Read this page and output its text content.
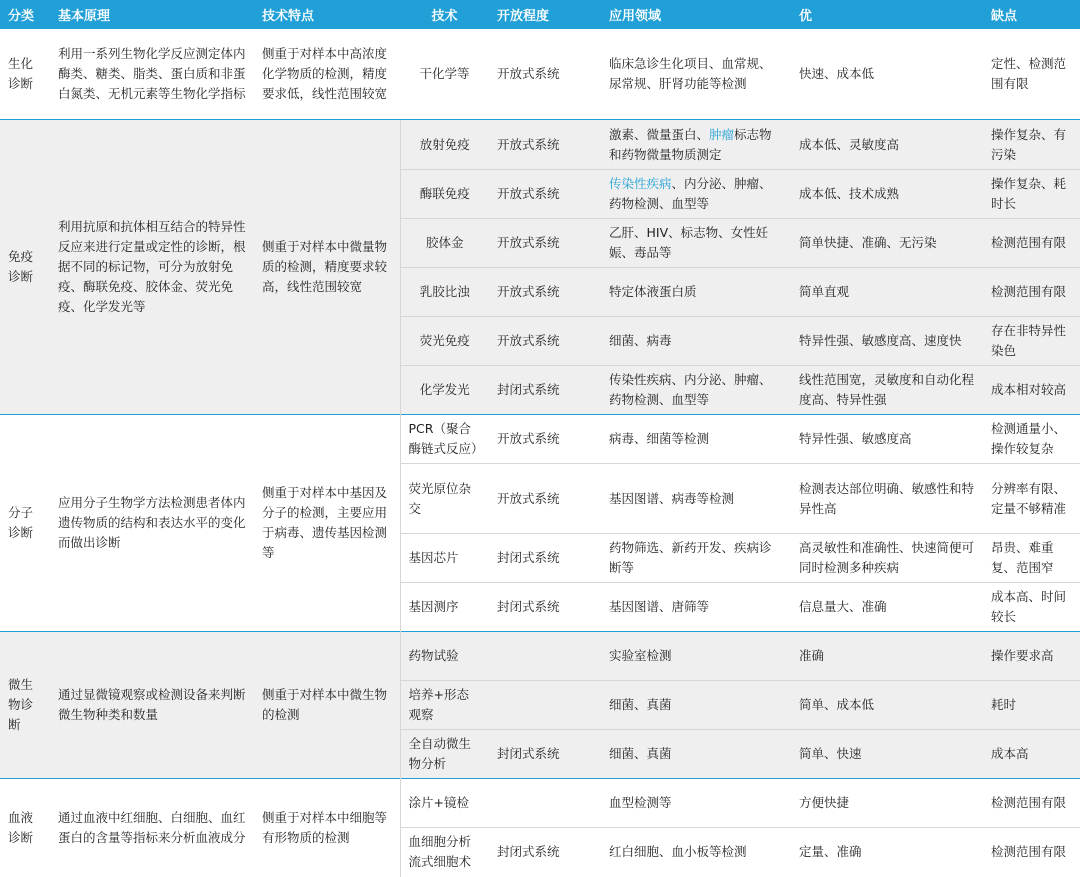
分类	基本原理	技术特点	技术	开放程度	应用领域	优	缺点
生化诊断	利用一系列生物化学反应测定体内酶类、糖类、脂类、蛋白质和非蛋白氮类、无机元素等生物化学指标	侧重于对样本中高浓度化学物质的检测，精度要求低，线性范围较宽	干化学等	开放式系统	临床急诊生化项目、血常规、尿常规、肝肾功能等检测	快速、成本低	定性、检测范围有限
免疫诊断	利用抗原和抗体相互结合的特异性反应来进行定量或定性的诊断，根据不同的标记物，可分为放射免疫、酶联免疫、胶体金、荧光免疫、化学发光等	侧重于对样本中微量物质的检测，精度要求较高，线性范围较宽	放射免疫	开放式系统	激素、微量蛋白、肿瘤标志物和药物微量物质测定	成本低、灵敏度高	操作复杂、有污染
			酶联免疫	开放式系统	传染性疾病、内分泌、肿瘤、药物检测、血型等	成本低、技术成熟	操作复杂、耗时长
			胶体金	开放式系统	乙肝、HIV、标志物、女性妊娠、毒品等	简单快捷、准确、无污染	检测范围有限
			乳胶比浊	开放式系统	特定体液蛋白质	简单直观	检测范围有限
			荧光免疫	开放式系统	细菌、病毒	特异性强、敏感度高、速度快	存在非特异性染色
			化学发光	封闭式系统	传染性疾病、内分泌、肿瘤、药物检测、血型等	线性范围宽，灵敏度和自动化程度高、特异性强	成本相对较高
分子诊断	应用分子生物学方法检测患者体内遗传物质的结构和表达水平的变化而做出诊断	侧重于对样本中基因及分子的检测，主要应用于病毒、遗传基因检测等	PCR（聚合酶链式反应）	开放式系统	病毒、细菌等检测	特异性强、敏感度高	检测通量小、操作较复杂
			荧光原位杂交	开放式系统	基因图谱、病毒等检测	检测表达部位明确、敏感性和特异性高	分辨率有限、定量不够精准
			基因芯片	封闭式系统	药物筛选、新药开发、疾病诊断等	高灵敏性和准确性、快速简便可同时检测多种疾病	昂贵、难重复、范围窄
			基因测序	封闭式系统	基因图谱、唐筛等	信息量大、准确	成本高、时间较长
微生物诊断	通过显微镜观察或检测设备来判断微生物种类和数量	侧重于对样本中微生物的检测	药物试验		实验室检测	准确	操作要求高
			培养+形态观察		细菌、真菌	简单、成本低	耗时
			全自动微生物分析	封闭式系统	细菌、真菌	简单、快速	成本高
血液诊断	通过血液中红细胞、白细胞、血红蛋白的含量等指标来分析血液成分	侧重于对样本中细胞等有形物质的检测	涂片+镜检		血型检测等	方便快捷	检测范围有限
			血细胞分析流式细胞术	封闭式系统	红白细胞、血小板等检测	定量、准确	检测范围有限
